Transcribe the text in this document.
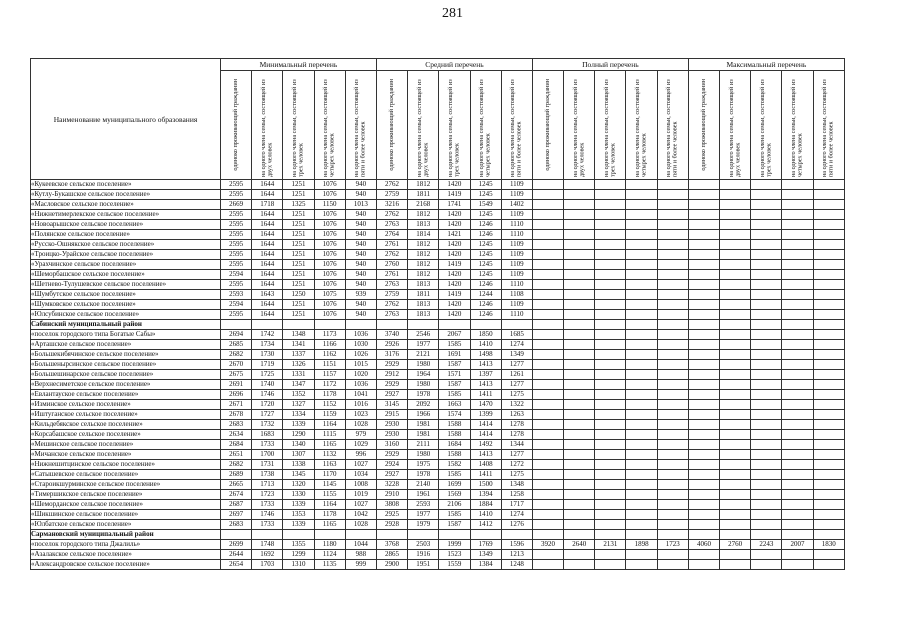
281
Наименование муниципального образования	Минимальный перечень					Средний перечень					Полный перечень					Максимальный перечень				

	одиноко проживающий гражданин	на одного члена семьи, состоящей из двух человек	на одного члена семьи, состоящей из трех человек	на одного члена семьи, состоящей из четырех человек	на одного члена семьи, состоящей из пяти и более человек	одиноко проживающий гражданин	на одного члена семьи, состоящей из двух человек	на одного члена семьи, состоящей из трех человек	на одного члена семьи, состоящей из четырех человек	на одного члена семьи, состоящей из пяти и более человек	одиноко проживающий гражданин	на одного члена семьи, состоящей из двух человек	на одного члена семьи, состоящей из трех человек	на одного члена семьи, состоящей из четырех человек	на одного члена семьи, состоящей из пяти и более человек	одиноко проживающий гражданин	на одного члена семьи, состоящей из двух человек	на одного члена семьи, состоящей из трех человек	на одного члена семьи, состоящей из четырех человек	на одного члена семьи, состоящей из пяти и более человек

«Кукеевское сельское поселение»	2595	1644	1251	1076	940	2762	1812	1420	1245	1109										
«Кутлу-Букашское сельское поселение»	2595	1644	1251	1076	940	2759	1811	1419	1245	1109										
«Масловское сельское поселение»	2669	1718	1325	1150	1013	3216	2168	1741	1549	1402										
«Нижнетимерлекское сельское поселение»	2595	1644	1251	1076	940	2762	1812	1420	1245	1109										
«Новоарышское сельское поселение»	2595	1644	1251	1076	940	2763	1813	1420	1246	1110										
«Полянское сельское поселение»	2595	1644	1251	1076	940	2764	1814	1421	1246	1110										
«Русско-Ошнякское сельское поселение»	2595	1644	1251	1076	940	2761	1812	1420	1245	1109										
«Троицко-Урайское сельское поселение»	2595	1644	1251	1076	940	2762	1812	1420	1245	1109										
«Урахчинское сельское поселение»	2595	1644	1251	1076	940	2760	1812	1419	1245	1109										
«Шеморбашское сельское поселение»	2594	1644	1251	1076	940	2761	1812	1420	1245	1109										
«Шетнево-Тулушевское сельское поселение»	2595	1644	1251	1076	940	2763	1813	1420	1246	1110										
«Шумбутское сельское поселение»	2593	1643	1250	1075	939	2759	1811	1419	1244	1108										
«Шумковское сельское поселение»	2594	1644	1251	1076	940	2762	1813	1420	1246	1109										
«Юлсубинское сельское поселение»	2595	1644	1251	1076	940	2763	1813	1420	1246	1110										
Сабинский муниципальный район																				
«поселок городского типа Богатые Сабы»	2694	1742	1348	1173	1036	3740	2546	2067	1850	1685										
«Арташское сельское поселение»	2685	1734	1341	1166	1030	2926	1977	1585	1410	1274										
«Большекибячинское сельское поселение»	2682	1730	1337	1162	1026	3176	2121	1691	1498	1349										
«Большенырсинское сельское поселение»	2670	1719	1326	1151	1015	2929	1980	1587	1413	1277										
«Большешинарское сельское поселение»	2675	1725	1331	1157	1020	2912	1964	1571	1397	1261										
«Верхнесиметское сельское поселение»	2691	1740	1347	1172	1036	2929	1980	1587	1413	1277										
«Евлантауское сельское поселение»	2696	1746	1352	1178	1041	2927	1978	1585	1411	1275										
«Изминское сельское поселение»	2671	1720	1327	1152	1016	3145	2092	1663	1470	1322										
«Иштуганское сельское поселение»	2678	1727	1334	1159	1023	2915	1966	1574	1399	1263										
«Кильдебякское сельское поселение»	2683	1732	1339	1164	1028	2930	1981	1588	1414	1278										
«Корсабашское сельское поселение»	2634	1683	1290	1115	979	2930	1981	1588	1414	1278										
«Мешинское сельское поселение»	2684	1733	1340	1165	1029	3160	2111	1684	1492	1344										
«Мичанское сельское поселение»	2651	1700	1307	1132	996	2929	1980	1588	1413	1277										
«Нижнешитцинское сельское поселение»	2682	1731	1338	1163	1027	2924	1975	1582	1408	1272										
«Сатышевское сельское поселение»	2689	1738	1345	1170	1034	2927	1978	1585	1411	1275										
«Староикшурминское сельское поселение»	2665	1713	1320	1145	1008	3228	2140	1699	1500	1348										
«Тимершикское сельское поселение»	2674	1723	1330	1155	1019	2910	1961	1569	1394	1258										
«Шеморданское сельское поселение»	2687	1733	1339	1164	1027	3808	2593	2106	1884	1717										
«Шикшинское сельское поселение»	2697	1746	1353	1178	1042	2925	1977	1585	1410	1274										
«Юлбатское сельское поселение»	2683	1733	1339	1165	1028	2928	1979	1587	1412	1276										
Сармановский муниципальный район																				
«поселок городского типа Джалиль»	2699	1748	1355	1180	1044	3768	2503	1999	1769	1596	3920	2640	2131	1898	1723	4060	2760	2243	2007	1830
«Азалакское сельское поселение»	2644	1692	1299	1124	988	2865	1916	1523	1349	1213										
«Александровское сельское поселение»	2654	1703	1310	1135	999	2900	1951	1559	1384	1248										
